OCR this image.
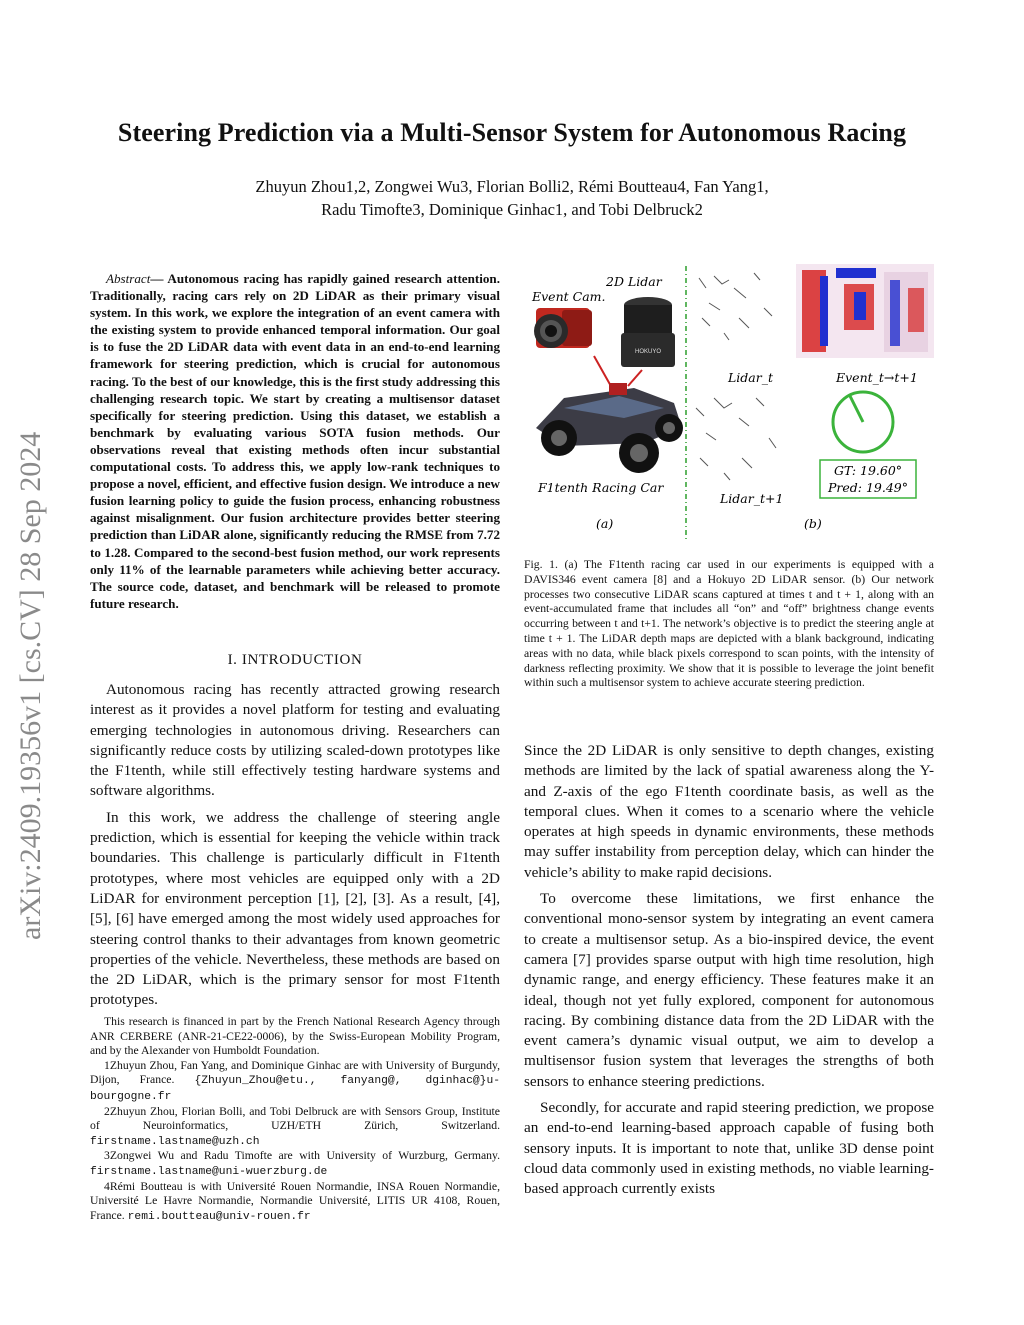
arXiv:2409.19356v1 [cs.CV] 28 Sep 2024
Steering Prediction via a Multi-Sensor System for Autonomous Racing
Zhuyun Zhou1,2, Zongwei Wu3, Florian Bolli2, Rémi Boutteau4, Fan Yang1,
Radu Timofte3, Dominique Ginhac1, and Tobi Delbruck2
Abstract— Autonomous racing has rapidly gained research attention. Traditionally, racing cars rely on 2D LiDAR as their primary visual system. In this work, we explore the integration of an event camera with the existing system to provide enhanced temporal information. Our goal is to fuse the 2D LiDAR data with event data in an end-to-end learning framework for steering prediction, which is crucial for autonomous racing. To the best of our knowledge, this is the first study addressing this challenging research topic. We start by creating a multisensor dataset specifically for steering prediction. Using this dataset, we establish a benchmark by evaluating various SOTA fusion methods. Our observations reveal that existing methods often incur substantial computational costs. To address this, we apply low-rank techniques to propose a novel, efficient, and effective fusion design. We introduce a new fusion learning policy to guide the fusion process, enhancing robustness against misalignment. Our fusion architecture provides better steering prediction than LiDAR alone, significantly reducing the RMSE from 7.72 to 1.28. Compared to the second-best fusion method, our work represents only 11% of the learnable parameters while achieving better accuracy. The source code, dataset, and benchmark will be released to promote future research.
I. INTRODUCTION

Autonomous racing has recently attracted growing research interest as it provides a novel platform for testing and evaluating emerging technologies in autonomous driving. Researchers can significantly reduce costs by utilizing scaled-down prototypes like the F1tenth, while still effectively testing hardware systems and software algorithms.

In this work, we address the challenge of steering angle prediction, which is essential for keeping the vehicle within track boundaries. This challenge is particularly difficult in F1tenth prototypes, where most vehicles are equipped only with a 2D LiDAR for environment perception [1], [2], [3]. As a result, [4], [5], [6] have emerged among the most widely used approaches for steering control thanks to their advantages from known geometric properties of the vehicle. Nevertheless, these methods are based on the 2D LiDAR, which is the primary sensor for most F1tenth prototypes.

This research is financed in part by the French National Research Agency through ANR CERBERE (ANR-21-CE22-0006), by the Swiss-European Mobility Program, and by the Alexander von Humboldt Foundation.

1Zhuyun Zhou, Fan Yang, and Dominique Ginhac are with University of Burgundy, Dijon, France. {Zhuyun_Zhou@etu., fanyang@, dginhac@}u-bourgogne.fr

2Zhuyun Zhou, Florian Bolli, and Tobi Delbruck are with Sensors Group, Institute of Neuroinformatics, UZH/ETH Zürich, Switzerland. firstname.lastname@uzh.ch

3Zongwei Wu and Radu Timofte are with University of Wurzburg, Germany. firstname.lastname@uni-wuerzburg.de

4Rémi Boutteau is with Université Rouen Normandie, INSA Rouen Normandie, Université Le Havre Normandie, Normandie Université, LITIS UR 4108, Rouen, France. remi.boutteau@univ-rouen.fr

2D Lidar
Event Cam.
HOKUYO
F1tenth Racing Car
(a)
Lidar_t
Lidar_t+1
Event_t→t+1
GT: 19.60°
Pred: 19.49°
(b)
Fig. 1. (a) The F1tenth racing car used in our experiments is equipped with a DAVIS346 event camera [8] and a Hokuyo 2D LiDAR sensor. (b) Our network processes two consecutive LiDAR scans captured at times t and t + 1, along with an event-accumulated frame that includes all “on” and “off” brightness change events occurring between t and t+1. The network’s objective is to predict the steering angle at time t + 1. The LiDAR depth maps are depicted with a blank background, indicating areas with no data, while black pixels correspond to scan points, with the intensity of darkness reflecting proximity. We show that it is possible to leverage the joint benefit within such a multisensor system to achieve accurate steering prediction.

Since the 2D LiDAR is only sensitive to depth changes, existing methods are limited by the lack of spatial awareness along the Y- and Z-axis of the ego F1tenth coordinate basis, as well as the temporal clues. When it comes to a scenario where the vehicle operates at high speeds in dynamic environments, these methods may suffer instability from perception delay, which can hinder the vehicle’s ability to make rapid decisions.

To overcome these limitations, we first enhance the conventional mono-sensor system by integrating an event camera to create a multisensor setup. As a bio-inspired device, the event camera [7] provides sparse output with high time resolution, high dynamic range, and energy efficiency. These features make it an ideal, though not yet fully explored, component for autonomous racing. By combining distance data from the 2D LiDAR with the event camera’s dynamic visual output, we aim to develop a multisensor fusion system that leverages the strengths of both sensors to enhance steering predictions.

Secondly, for accurate and rapid steering prediction, we propose an end-to-end learning-based approach capable of fusing both sensory inputs. It is important to note that, unlike 3D dense point cloud data commonly used in existing methods, no viable learning-based approach currently exists
